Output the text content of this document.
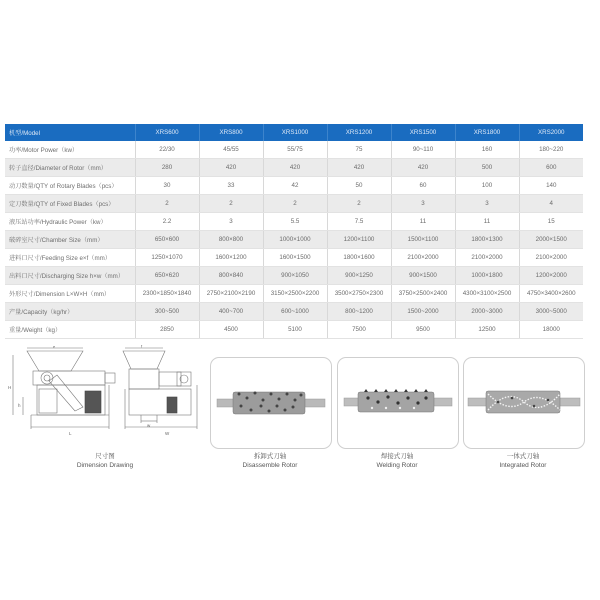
机型/Model	XRS600	XRS800	XRS1000	XRS1200	XRS1500	XRS1800	XRS2000
功率/Motor Power（kw）	22/30	45/55	55/75	75	90~110	160	180~220
转子直径/Diameter of Rotor（mm）	280	420	420	420	420	500	600
动刀数量/QTY of Rotary Blades（pcs）	30	33	42	50	60	100	140
定刀数量/QTY of Fixed Blades（pcs）	2	2	2	2	3	3	4
液压站功率/Hydraulic Power（kw）	2.2	3	5.5	7.5	11	11	15
破碎室尺寸/Chamber Size（mm）	650×600	800×800	1000×1000	1200×1100	1500×1100	1800×1300	2000×1500
进料口尺寸/Feeding Size e×f（mm）	1250×1070	1600×1200	1600×1500	1800×1600	2100×2000	2100×2000	2100×2000
出料口尺寸/Discharging Size h×w（mm）	650×620	800×840	900×1050	900×1250	900×1500	1000×1800	1200×2000
外形尺寸/Dimension L×W×H（mm）	2300×1850×1840	2750×2100×2190	3150×2500×2200	3500×2750×2300	3750×2500×2400	4300×3100×2500	4750×3400×2600
产量/Capacity（kg/hr）	300~500	400~700	600~1000	800~1200	1500~2000	2000~3000	3000~5000
重量/Weight（kg）	2850	4500	5100	7500	9500	12500	18000
e	f
H
h
L
w
W
尺寸图
Dimension Drawing
拆卸式刀轴
Disassemble Rotor
焊接式刀轴
Welding Rotor
一体式刀轴
Integrated Rotor
